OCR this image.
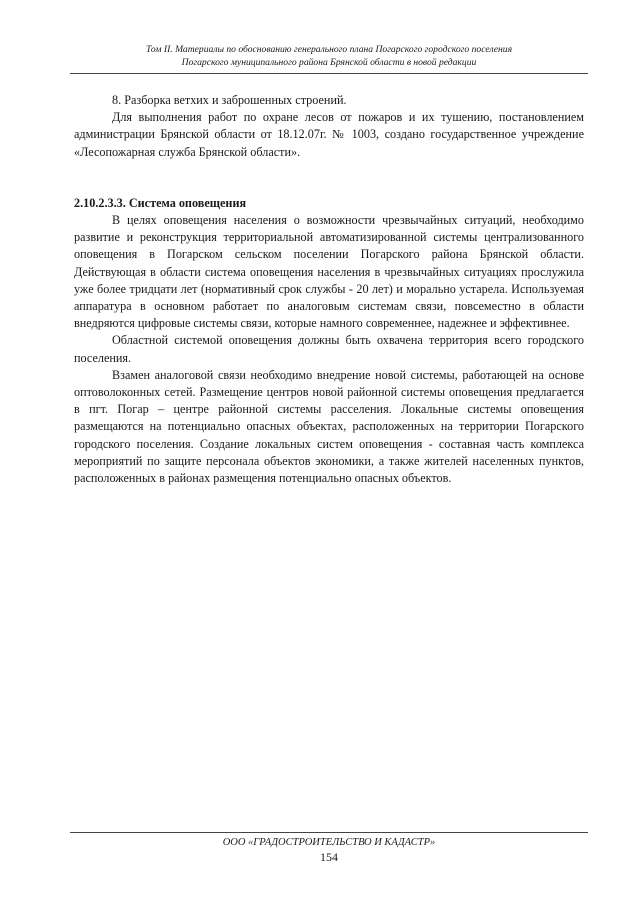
Том II. Материалы по обоснованию генерального плана Погарского городского поселения
Погарского муниципального района Брянской области в новой редакции

8. Разборка ветхих и заброшенных строений.

Для выполнения работ по охране лесов от пожаров и их тушению, постановлением администрации Брянской области от 18.12.07г. № 1003, создано государственное учреждение «Лесопожарная служба Брянской области».

2.10.2.3.3. Система оповещения

В целях оповещения населения о возможности чрезвычайных ситуаций, необходимо развитие и реконструкция территориальной автоматизированной системы централизованного оповещения в Погарском сельском поселении Погарского района Брянской области. Действующая в области система оповещения населения в чрезвычайных ситуациях прослужила уже более тридцати лет (нормативный срок службы - 20 лет) и морально устарела. Используемая аппаратура в основном работает по аналоговым системам связи, повсеместно в области внедряются цифровые системы связи, которые намного современнее, надежнее и эффективнее.

Областной системой оповещения должны быть охвачена территория всего городского поселения.

Взамен аналоговой связи необходимо внедрение новой системы, работающей на основе оптоволоконных сетей. Размещение центров новой районной системы оповещения предлагается в пгт. Погар – центре районной системы расселения. Локальные системы оповещения размещаются на потенциально опасных объектах, расположенных на территории Погарского городского поселения. Создание локальных систем оповещения - составная часть комплекса мероприятий по защите персонала объектов экономики, а также жителей населенных пунктов, расположенных в районах размещения потенциально опасных объектов.

ООО «ГРАДОСТРОИТЕЛЬСТВО И КАДАСТР»
154
